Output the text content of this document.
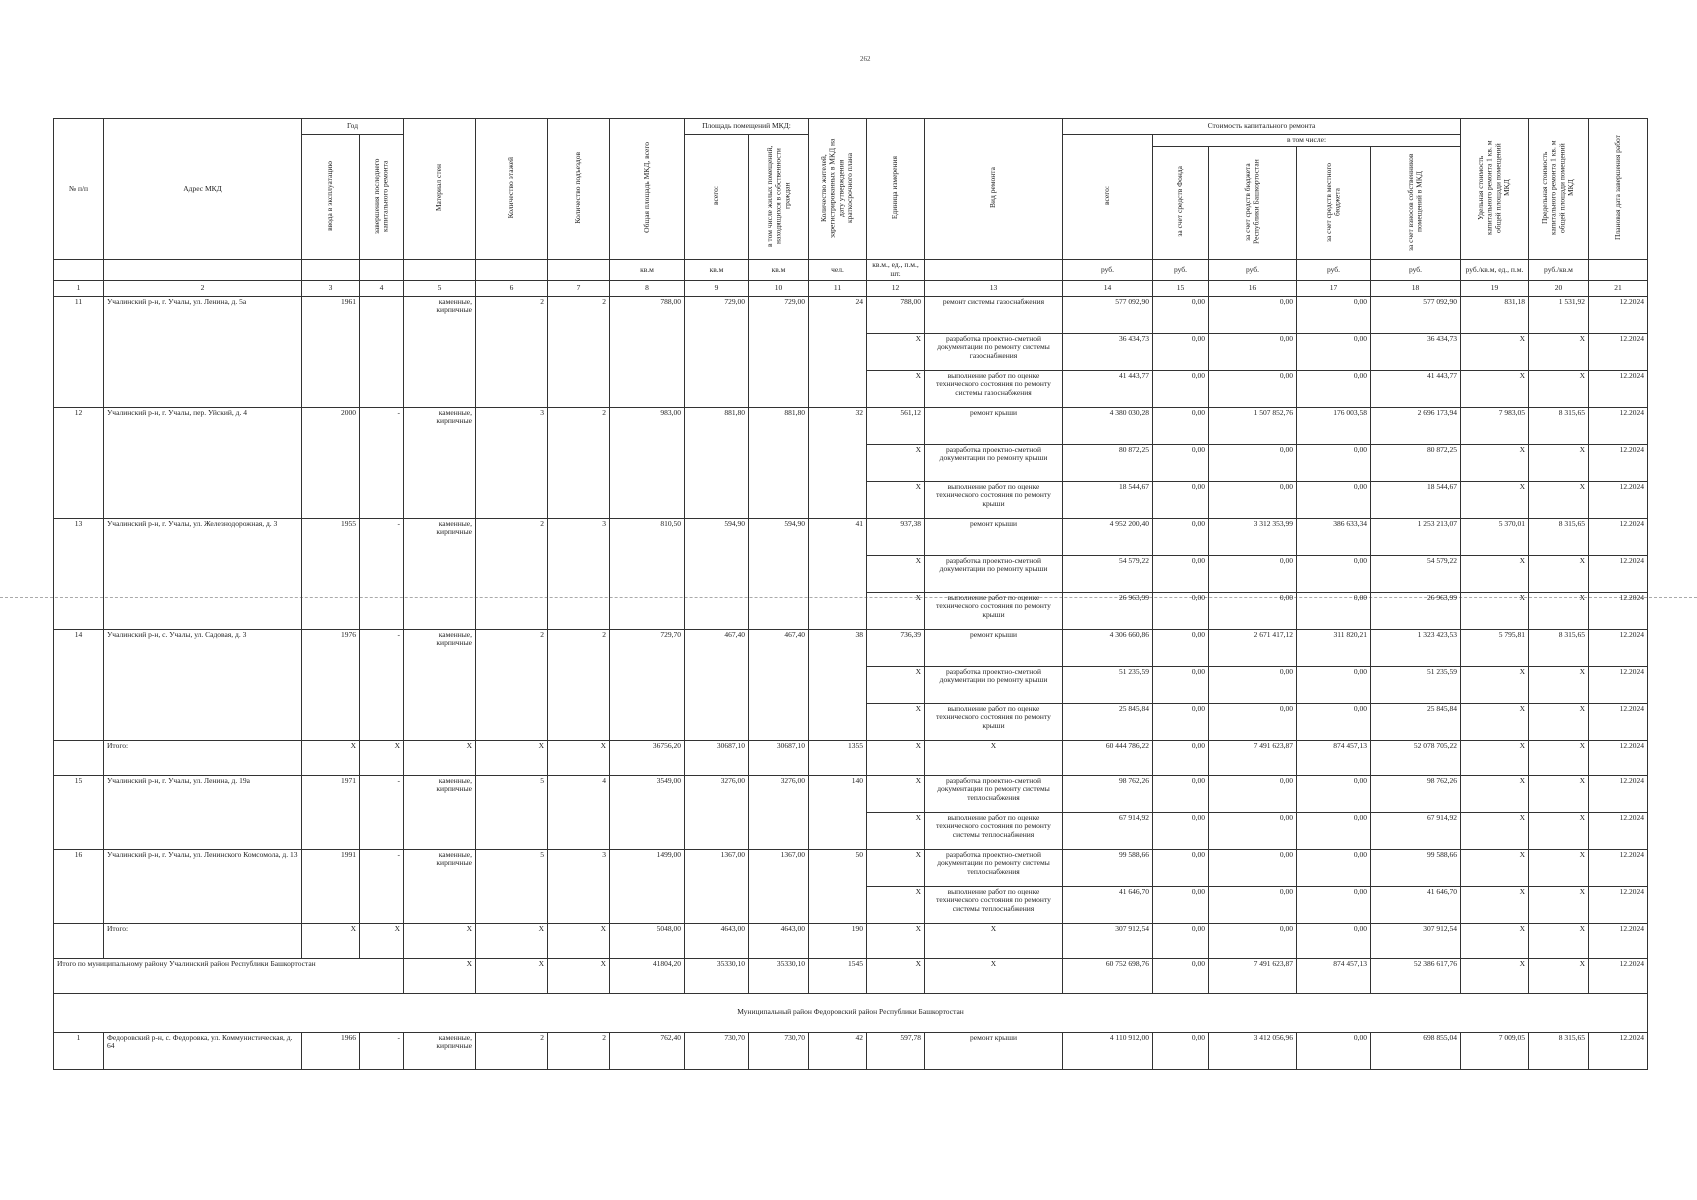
262
№ п/п	Адрес МКД	Год		Материал стен	Количество этажей	Количество подъездов	Общая площадь МКД, всего	Площадь помещений МКД:		Количество жителей, зарегистрированных в МКД на дату утверждения краткосрочного плана	Единица измерения	Вид ремонта	Стоимость капитального ремонта					Удельная стоимость капитального ремонта 1 кв. м общей площади помещений МКД	Предельная стоимость капитального ремонта 1 кв. м общей площади помещений МКД	Плановая дата завершения работ
		ввода в эксплуатацию	завершения последнего капитального ремонта					всего:	в том числе жилых помещений, находящихся в собственности граждан				всего:	в том числе:						
														за счет средств Фонда	за счет средств бюджета Республики Башкортостан	за счет средств местного бюджета	за счет взносов собственников помещений в МКД			
							кв.м	кв.м	кв.м	чел.	кв.м., ед., п.м., шт.		руб.	руб.	руб.	руб.	руб.	руб./кв.м, ед., п.м.	руб./кв.м	
1	2	3	4	5	6	7	8	9	10	11	12	13	14	15	16	17	18	19	20	21
11	Учалинский р-н, г. Учалы, ул. Ленина, д. 5а	1961		каменные, кирпичные	2	2	788,00	729,00	729,00	24	788,00	ремонт системы газоснабжения	577 092,90	0,00	0,00	0,00	577 092,90	831,18	1 531,92	12.2024
											X	разработка проектно-сметной документации по ремонту системы газоснабжения	36 434,73	0,00	0,00	0,00	36 434,73	X	X	12.2024
											X	выполнение работ по оценке технического состояния по ремонту системы газоснабжения	41 443,77	0,00	0,00	0,00	41 443,77	X	X	12.2024
12	Учалинский р-н, г. Учалы, пер. Уйский, д. 4	2000	-	каменные, кирпичные	3	2	983,00	881,80	881,80	32	561,12	ремонт крыши	4 380 030,28	0,00	1 507 852,76	176 003,58	2 696 173,94	7 983,05	8 315,65	12.2024
											X	разработка проектно-сметной документации по ремонту крыши	80 872,25	0,00	0,00	0,00	80 872,25	X	X	12.2024
											X	выполнение работ по оценке технического состояния по ремонту крыши	18 544,67	0,00	0,00	0,00	18 544,67	X	X	12.2024
13	Учалинский р-н, г. Учалы, ул. Железнодорожная, д. 3	1955	-	каменные, кирпичные	2	3	810,50	594,90	594,90	41	937,38	ремонт крыши	4 952 200,40	0,00	3 312 353,99	386 633,34	1 253 213,07	5 370,01	8 315,65	12.2024
											X	разработка проектно-сметной документации по ремонту крыши	54 579,22	0,00	0,00	0,00	54 579,22	X	X	12.2024
											X	выполнение работ по оценке технического состояния по ремонту крыши	26 963,99	0,00	0,00	0,00	26 963,99	X	X	12.2024
14	Учалинский р-н, с. Учалы, ул. Садовая, д. 3	1976	-	каменные, кирпичные	2	2	729,70	467,40	467,40	38	736,39	ремонт крыши	4 306 660,86	0,00	2 671 417,12	311 820,21	1 323 423,53	5 795,81	8 315,65	12.2024
											X	разработка проектно-сметной документации по ремонту крыши	51 235,59	0,00	0,00	0,00	51 235,59	X	X	12.2024
											X	выполнение работ по оценке технического состояния по ремонту крыши	25 845,84	0,00	0,00	0,00	25 845,84	X	X	12.2024
	Итого:	X	X	X	X	X	36756,20	30687,10	30687,10	1355	X	X	60 444 786,22	0,00	7 491 623,87	874 457,13	52 078 705,22	X	X	12.2024
15	Учалинский р-н, г. Учалы, ул. Ленина, д. 19а	1971	-	каменные, кирпичные	5	4	3549,00	3276,00	3276,00	140	X	разработка проектно-сметной документации по ремонту системы теплоснабжения	98 762,26	0,00	0,00	0,00	98 762,26	X	X	12.2024
											X	выполнение работ по оценке технического состояния по ремонту системы теплоснабжения	67 914,92	0,00	0,00	0,00	67 914,92	X	X	12.2024
16	Учалинский р-н, г. Учалы, ул. Ленинского Комсомола, д. 13	1991	-	каменные, кирпичные	5	3	1499,00	1367,00	1367,00	50	X	разработка проектно-сметной документации по ремонту системы теплоснабжения	99 588,66	0,00	0,00	0,00	99 588,66	X	X	12.2024
											X	выполнение работ по оценке технического состояния по ремонту системы теплоснабжения	41 646,70	0,00	0,00	0,00	41 646,70	X	X	12.2024
	Итого:	X	X	X	X	X	5048,00	4643,00	4643,00	190	X	X	307 912,54	0,00	0,00	0,00	307 912,54	X	X	12.2024
Итого по муниципальному району Учалинский район Республики Башкортостан				X	X	X	41804,20	35330,10	35330,10	1545	X	X	60 752 698,76	0,00	7 491 623,87	874 457,13	52 386 617,76	X	X	12.2024
Муниципальный район Федоровский район Республики Башкортостан																				
1	Федоровский р-н, с. Федоровка, ул. Коммунистическая, д. 64	1966	-	каменные, кирпичные	2	2	762,40	730,70	730,70	42	597,78	ремонт крыши	4 110 912,00	0,00	3 412 056,96	0,00	698 855,04	7 009,05	8 315,65	12.2024
